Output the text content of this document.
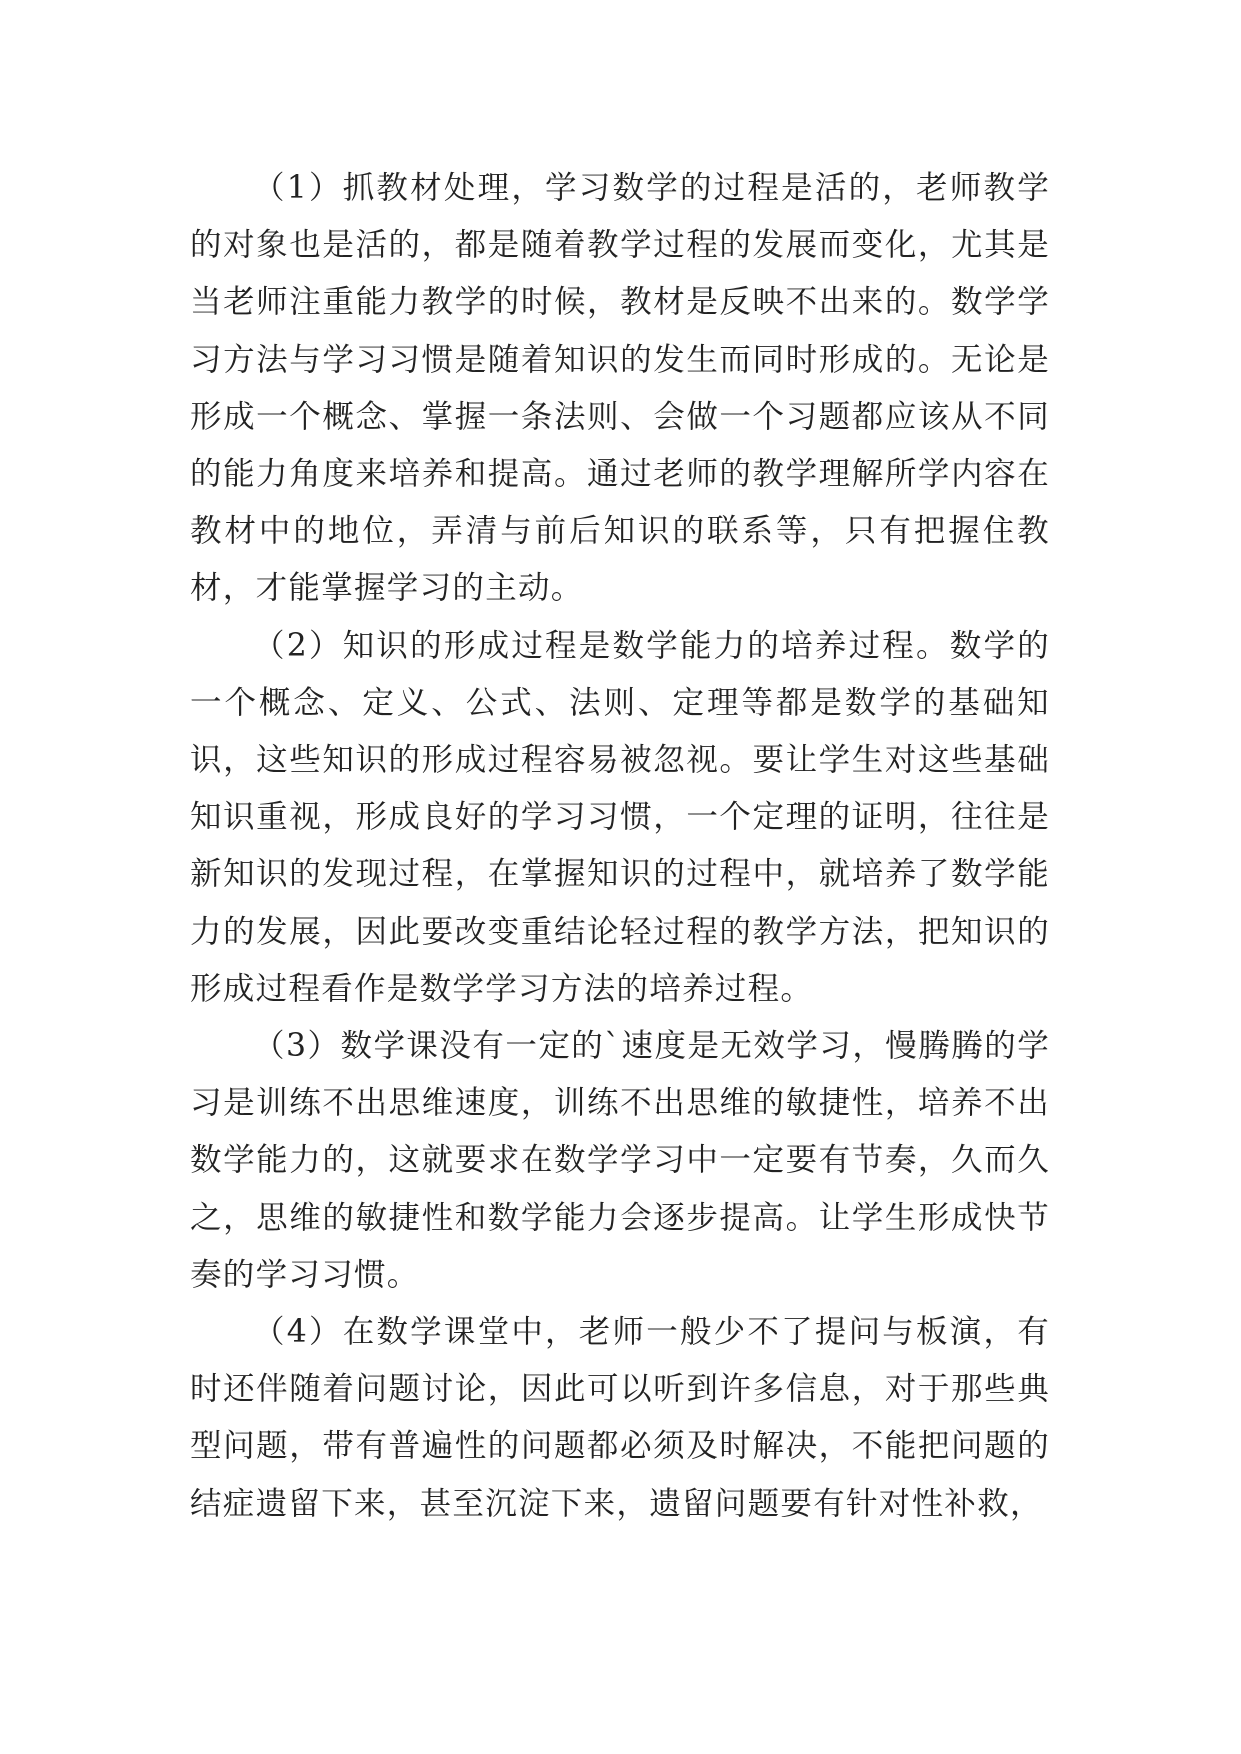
（1）抓教材处理，学习数学的过程是活的，老师教学的对象也是活的，都是随着教学过程的发展而变化，尤其是当老师注重能力教学的时候，教材是反映不出来的。数学学习方法与学习习惯是随着知识的发生而同时形成的。无论是形成一个概念、掌握一条法则、会做一个习题都应该从不同的能力角度来培养和提高。通过老师的教学理解所学内容在教材中的地位，弄清与前后知识的联系等，只有把握住教材，才能掌握学习的主动。

（2）知识的形成过程是数学能力的培养过程。数学的一个概念、定义、公式、法则、定理等都是数学的基础知识，这些知识的形成过程容易被忽视。要让学生对这些基础知识重视，形成良好的学习习惯，一个定理的证明，往往是新知识的发现过程，在掌握知识的过程中，就培养了数学能力的发展，因此要改变重结论轻过程的教学方法，把知识的形成过程看作是数学学习方法的培养过程。

（3）数学课没有一定的`速度是无效学习，慢腾腾的学习是训练不出思维速度，训练不出思维的敏捷性，培养不出数学能力的，这就要求在数学学习中一定要有节奏，久而久之，思维的敏捷性和数学能力会逐步提高。让学生形成快节奏的学习习惯。

（4）在数学课堂中，老师一般少不了提问与板演，有时还伴随着问题讨论，因此可以听到许多信息，对于那些典型问题，带有普遍性的问题都必须及时解决，不能把问题的结症遗留下来，甚至沉淀下来，遗留问题要有针对性补救，
